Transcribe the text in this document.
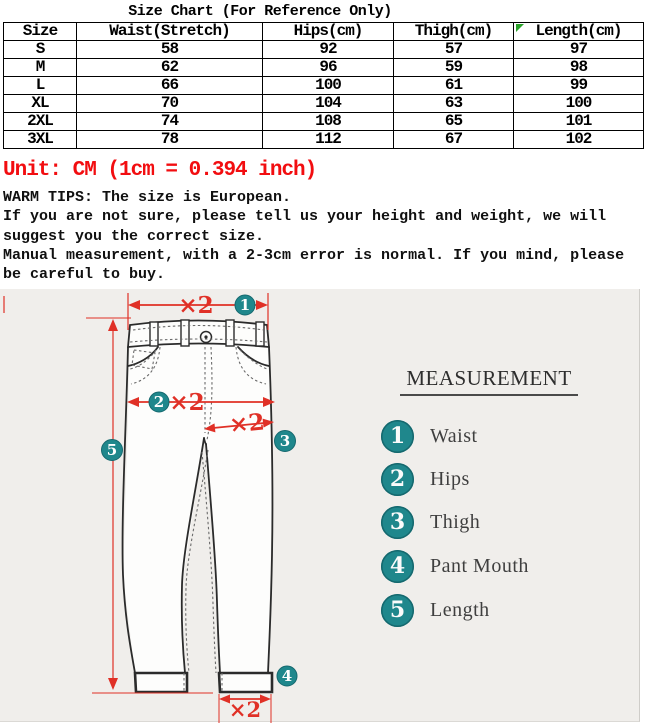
Size Chart (For Reference Only)
Size	Waist(Stretch)	Hips(cm)	Thigh(cm)	Length(cm)
S	58	92	57	97
M	62	96	59	98
L	66	100	61	99
XL	70	104	63	100
2XL	74	108	65	101
3XL	78	112	67	102
Unit: CM (1cm = 0.394 inch)
WARM TIPS: The size is European.
If you are not sure, please tell us your height and weight, we will
suggest you the correct size.
Manual measurement, with a 2-3cm error is normal. If you mind, please
be careful to buy.
×2
×2
×2
×2
1
2
3
4
5
MEASUREMENT
1	Waist
2	Hips
3	Thigh
4	Pant Mouth
5	Length
